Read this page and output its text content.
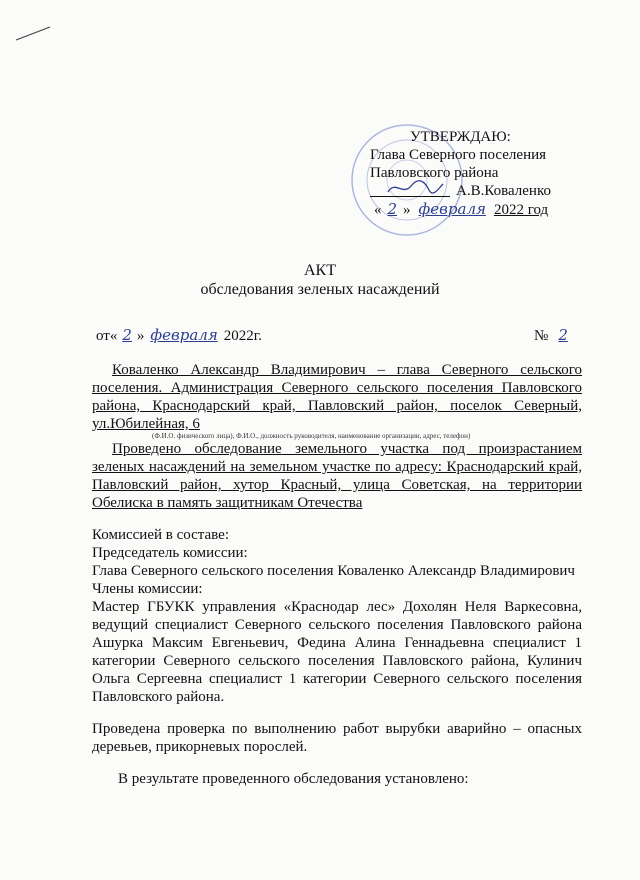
УТВЕРЖДАЮ:
Глава Северного поселения
Павловского района
А.В.Коваленко
« 2 » февраля 2022 год
АКТ
обследования зеленых насаждений
от« 2 » февраля 2022г.	№ 2
Коваленко Александр Владимирович – глава Северного сельского
поселения. Администрация Северного сельского поселения Павловского
района, Краснодарский край, Павловский район, поселок Северный,
ул.Юбилейная, 6
(Ф.И.О. физического лица), Ф.И.О., должность руководителя, наименование организации, адрес, телефон)
Проведено обследование земельного участка под произрастанием
зеленых насаждений на земельном участке по адресу: Краснодарский край,
Павловский район, хутор Красный, улица Советская, на территории
Обелиска в память защитникам Отечества
Комиссией в составе:
Председатель комиссии:
Глава Северного сельского поселения Коваленко Александр Владимирович
Члены комиссии:
Мастер ГБУКК управления «Краснодар лес» Дохолян Неля Варкесовна,
ведущий специалист Северного сельского поселения Павловского района
Ашурка Максим Евгеньевич, Федина Алина Геннадьевна специалист 1
категории Северного сельского поселения Павловского района, Кулинич
Ольга Сергеевна специалист 1 категории Северного сельского поселения
Павловского района.
Проведена проверка по выполнению работ вырубки аварийно – опасных
деревьев, прикорневых порослей.
В результате проведенного обследования установлено:
